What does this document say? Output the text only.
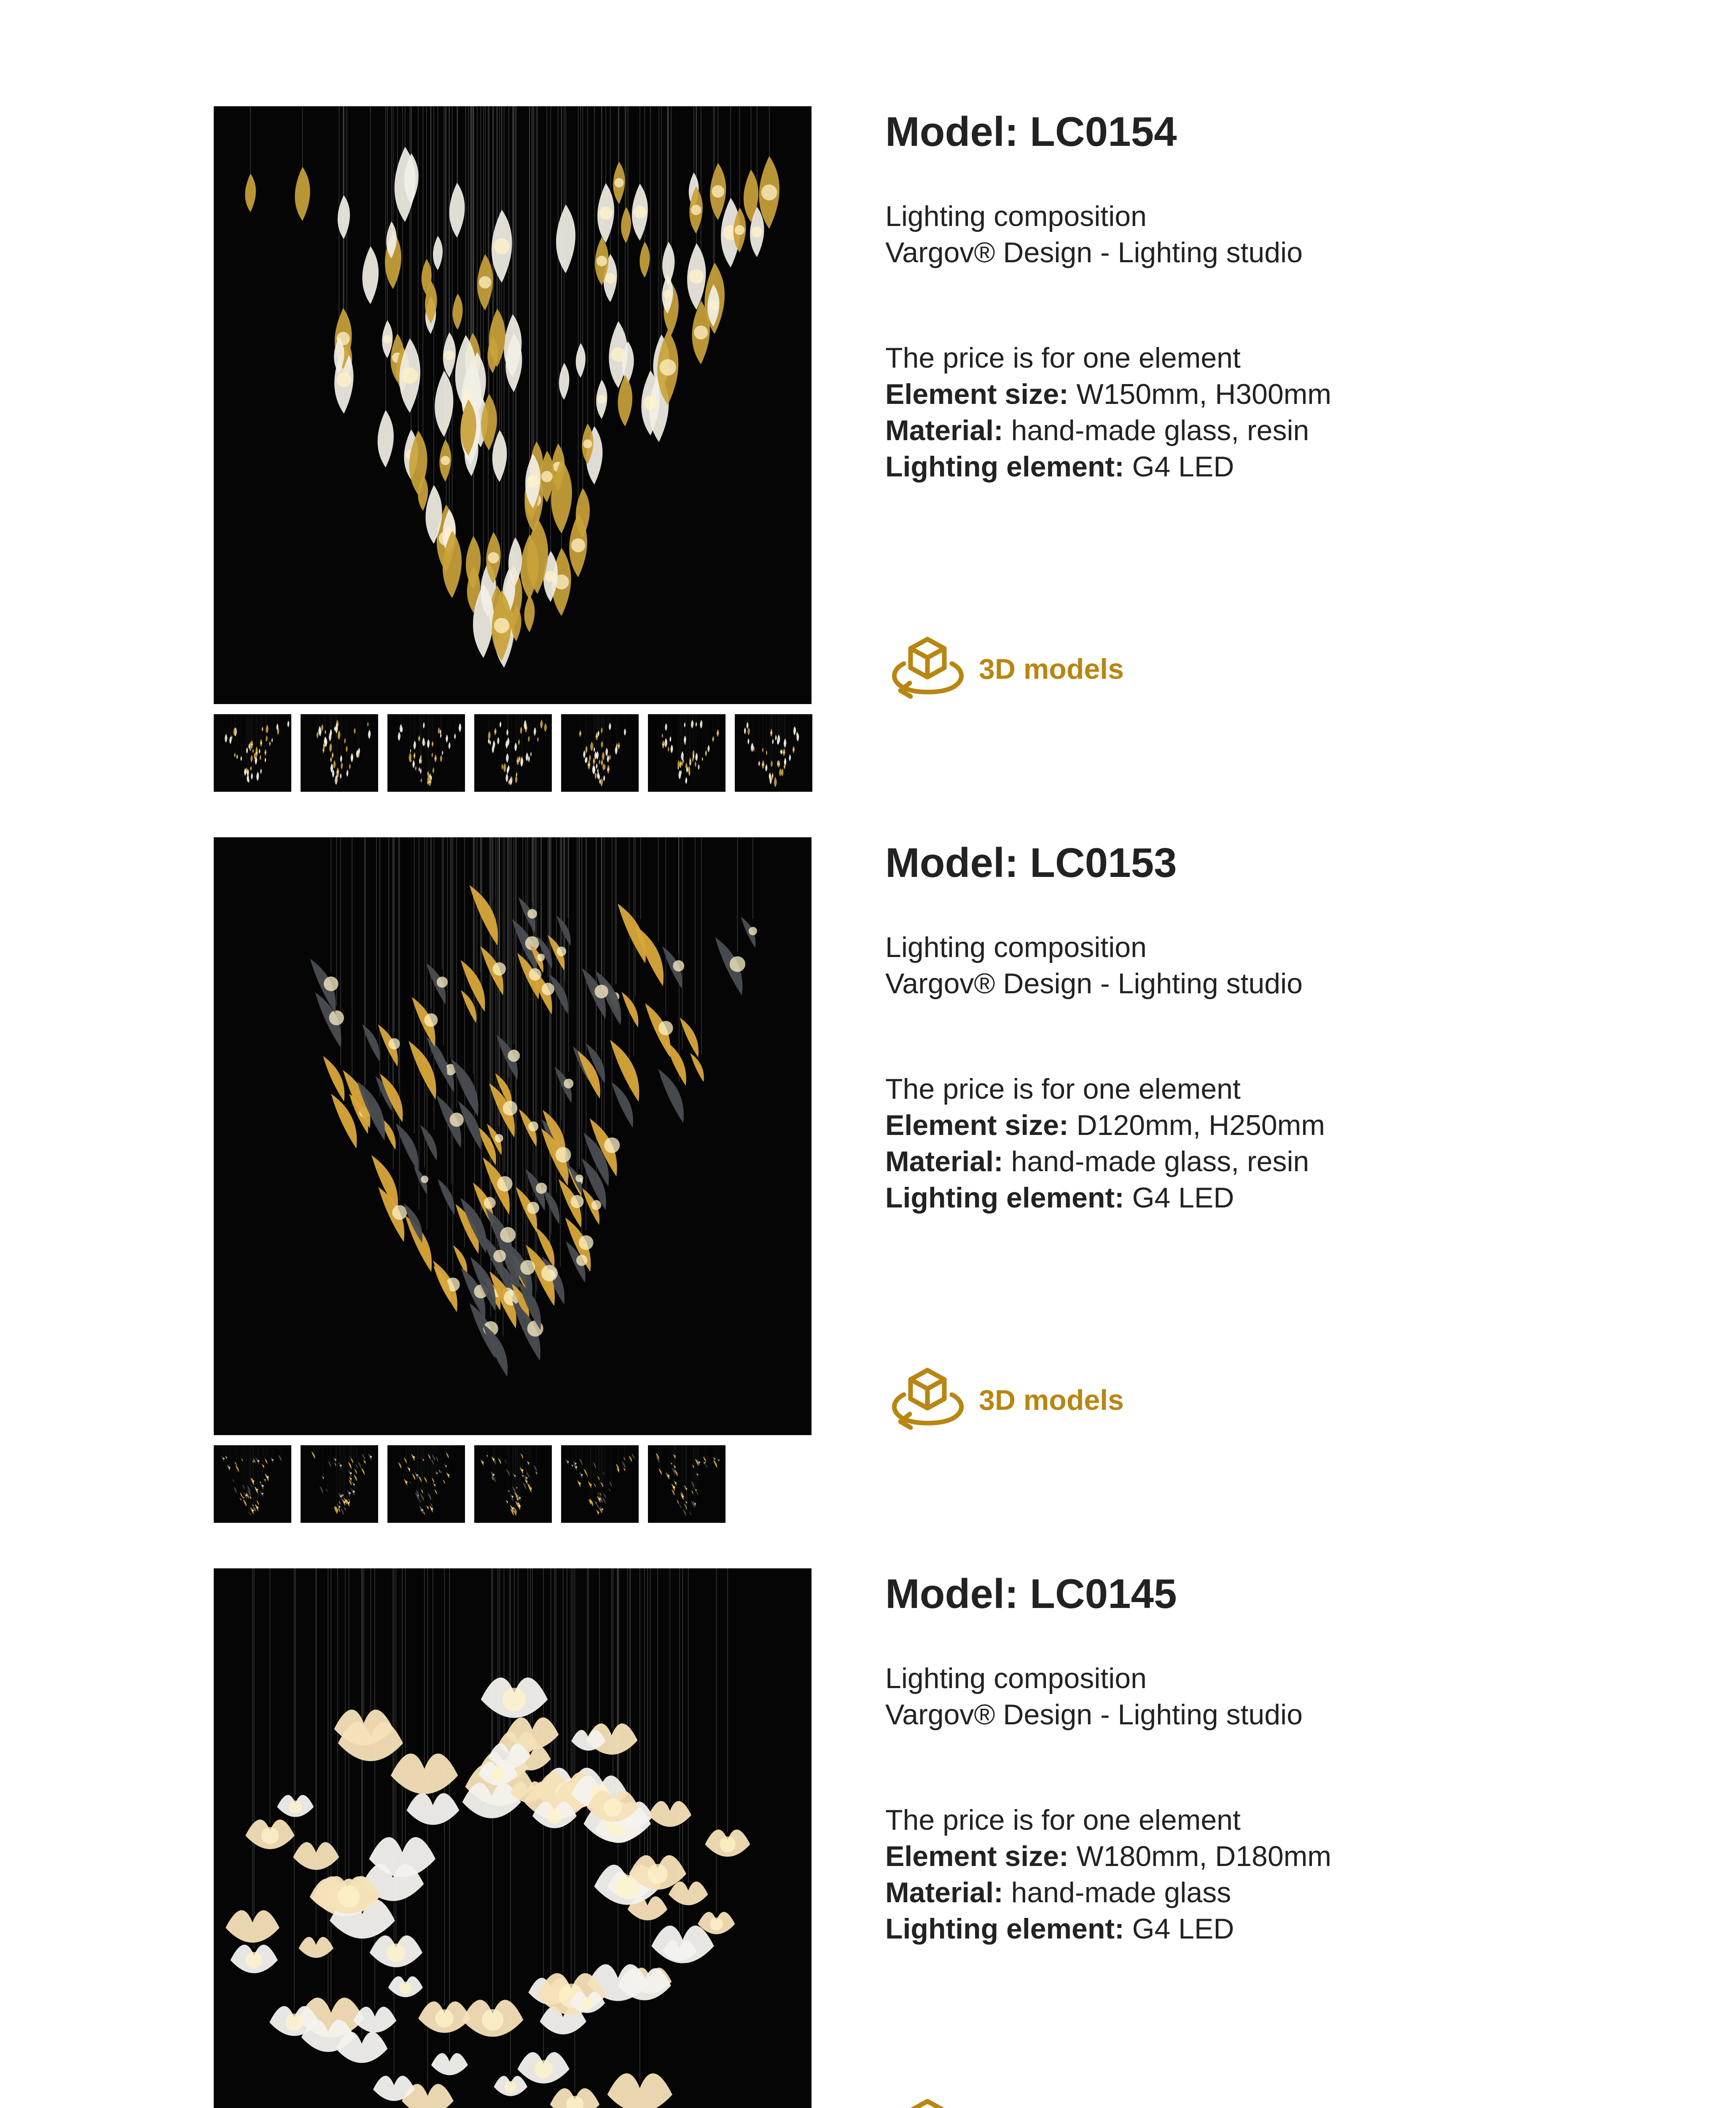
Model: LC0154
Lighting composition
Vargov® Design - Lighting studio
The price is for one element
Element size: W150mm, H300mm
Material: hand-made glass, resin
Lighting element: G4 LED
3D models
Model: LC0153
Lighting composition
Vargov® Design - Lighting studio
The price is for one element
Element size: D120mm, H250mm
Material: hand-made glass, resin
Lighting element: G4 LED
3D models
Model: LC0145
Lighting composition
Vargov® Design - Lighting studio
The price is for one element
Element size: W180mm, D180mm
Material: hand-made glass
Lighting element: G4 LED
